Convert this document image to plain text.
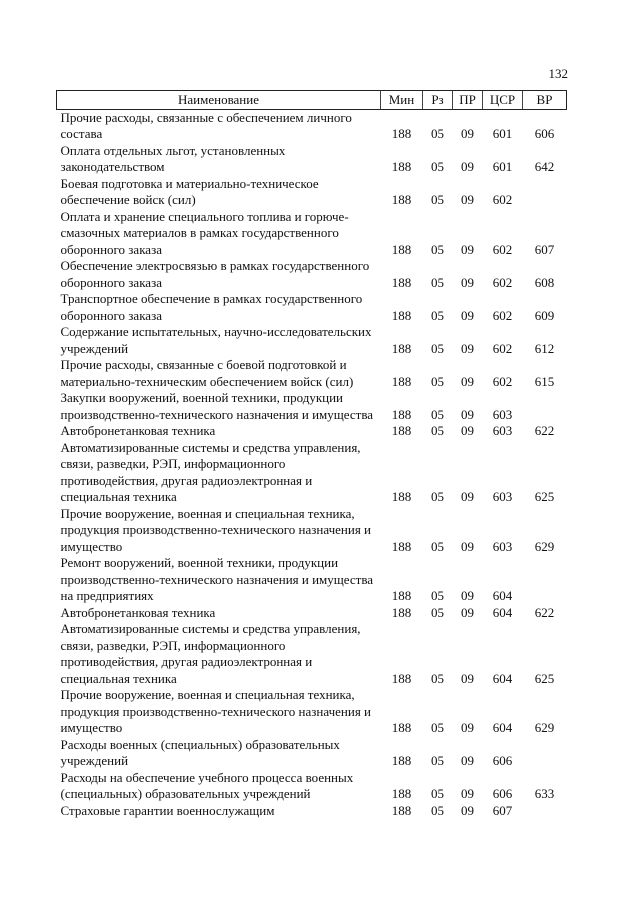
132
Наименование	Мин	Рз	ПР	ЦСР	ВР
Прочие расходы, связанные с обеспечением личного состава	188	05	09	601	606
Оплата отдельных льгот, установленных законодательством	188	05	09	601	642
Боевая подготовка и материально-техническое обеспечение войск (сил)	188	05	09	602	
Оплата и хранение специального топлива и горюче-смазочных материалов в рамках государственного оборонного заказа	188	05	09	602	607
Обеспечение электросвязью в рамках государственного оборонного заказа	188	05	09	602	608
Транспортное обеспечение в рамках государственного оборонного заказа	188	05	09	602	609
Содержание испытательных, научно-исследовательских учреждений	188	05	09	602	612
Прочие расходы, связанные с боевой подготовкой и материально-техническим обеспечением войск (сил)	188	05	09	602	615
Закупки вооружений, военной техники, продукции производственно-технического назначения и имущества	188	05	09	603	
Автобронетанковая техника	188	05	09	603	622
Автоматизированные системы и средства управления, связи, разведки, РЭП, информационного противодействия, другая радиоэлектронная и специальная техника	188	05	09	603	625
Прочие вооружение, военная и специальная техника, продукция производственно-технического назначения и имущество	188	05	09	603	629
Ремонт вооружений, военной техники, продукции производственно-технического назначения и имущества на предприятиях	188	05	09	604	
Автобронетанковая техника	188	05	09	604	622
Автоматизированные системы и средства управления, связи, разведки, РЭП, информационного противодействия, другая радиоэлектронная и специальная техника	188	05	09	604	625
Прочие вооружение, военная и специальная техника, продукция производственно-технического назначения и имущество	188	05	09	604	629
Расходы военных (специальных) образовательных учреждений	188	05	09	606	
Расходы на обеспечение учебного процесса военных (специальных) образовательных учреждений	188	05	09	606	633
Страховые гарантии военнослужащим	188	05	09	607	
